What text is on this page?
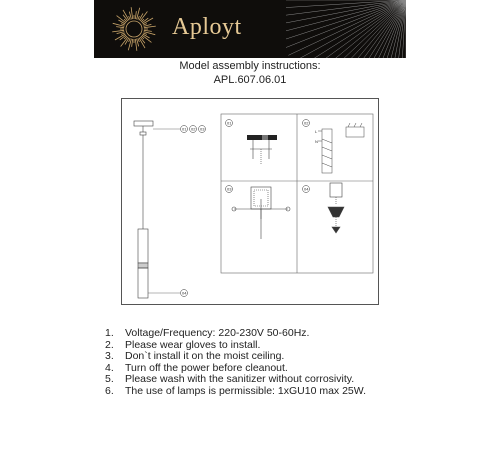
Aployt
Model assembly instructions:
APL.607.06.01
01 02 03
04
01	02
L
N
03	04
1. Voltage/Frequency: 220-230V 50-60Hz.
2. Please wear gloves to install.
3. Don`t install it on the moist ceiling.
4. Turn off the power before cleanout.
5. Please wash with the sanitizer without corrosivity.
6. The use of lamps is permissible: 1xGU10 max 25W.
